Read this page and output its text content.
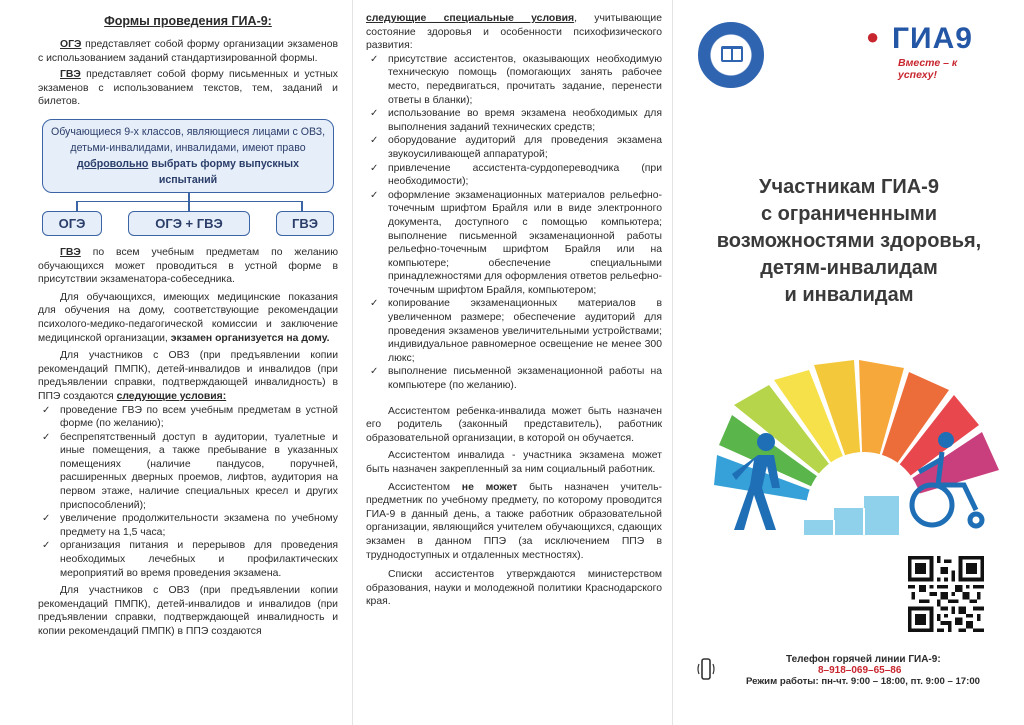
Формы проведения ГИА-9:

ОГЭ представляет собой форму организации экзаменов с использованием заданий стандартизированной формы.

ГВЭ представляет собой форму письменных и устных экзаменов с использованием текстов, тем, заданий и билетов.

Обучающиеся 9-х классов, являющиеся лицами с ОВЗ,
детьми-инвалидами, инвалидами, имеют право
добровольно выбрать форму выпускных испытаний
ОГЭ	ОГЭ + ГВЭ	ГВЭ

ГВЭ по всем учебным предметам по желанию обучающихся может проводиться в устной форме в присутствии экзаменатора-собеседника.

Для обучающихся, имеющих медицинские показания для обучения на дому, соответствующие рекомендации психолого-медико-педагогической комиссии и заключение медицинской организации, экзамен организуется на дому.

Для участников с ОВЗ (при предъявлении копии рекомендаций ПМПК), детей-инвалидов и инвалидов (при предъявлении справки, подтверждающей инвалидность) в ППЭ создаются следующие условия:

✓ проведение ГВЭ по всем учебным предметам в устной форме (по желанию);
✓ беспрепятственный доступ в аудитории, туалетные и иные помещения, а также пребывание в указанных помещениях (наличие пандусов, поручней, расширенных дверных проемов, лифтов, аудитория на первом этаже, наличие специальных кресел и других приспособлений);
✓ увеличение продолжительности экзамена по учебному предмету на 1,5 часа;
✓ организация питания и перерывов для проведения необходимых лечебных и профилактических мероприятий во время проведения экзамена.

Для участников с ОВЗ (при предъявлении копии рекомендаций ПМПК), детей-инвалидов и инвалидов (при предъявлении справки, подтверждающей инвалидность и копии рекомендаций ПМПК) в ППЭ создаются

следующие специальные условия, учитывающие состояние здоровья и особенности психофизического развития:

✓ присутствие ассистентов, оказывающих необходимую техническую помощь (помогающих занять рабочее место, передвигаться, прочитать задание, перенести ответы в бланки);
✓ использование во время экзамена необходимых для выполнения заданий технических средств;
✓ оборудование аудиторий для проведения экзамена звукоусиливающей аппаратурой;
✓ привлечение ассистента-сурдопереводчика (при необходимости);
✓ оформление экзаменационных материалов рельефно-точечным шрифтом Брайля или в виде электронного документа, доступного с помощью компьютера; выполнение письменной экзаменационной работы рельефно-точечным шрифтом Брайля или на компьютере; обеспечение специальными принадлежностями для оформления ответов рельефно-точечным шрифтом Брайля, компьютером;
✓ копирование экзаменационных материалов в увеличенном размере; обеспечение аудиторий для проведения экзаменов увеличительными устройствами; индивидуальное равномерное освещение не менее 300 люкс;
✓ выполнение письменной экзаменационной работы на компьютере (по желанию).

Ассистентом ребенка-инвалида может быть назначен его родитель (законный представитель), работник образовательной организации, в которой он обучается.

Ассистентом инвалида - участника экзамена может быть назначен закрепленный за ним социальный работник.

Ассистентом не может быть назначен учитель-предметник по учебному предмету, по которому проводится ГИА-9 в данный день, а также работник образовательной организации, являющийся учителем обучающихся, сдающих экзамен в данном ППЭ (за исключением ППЭ в труднодоступных и отдаленных местностях).

Списки ассистентов утверждаются министерством образования, науки и молодежной политики Краснодарского края.

● ГИА9
Вместе – к успеху!
Участникам ГИА-9
с ограниченными
возможностями здоровья,
детям-инвалидам
и инвалидам
Телефон горячей линии ГИА-9:
8–918–069–65–86
Режим работы: пн-чт. 9:00 – 18:00, пт. 9:00 – 17:00
